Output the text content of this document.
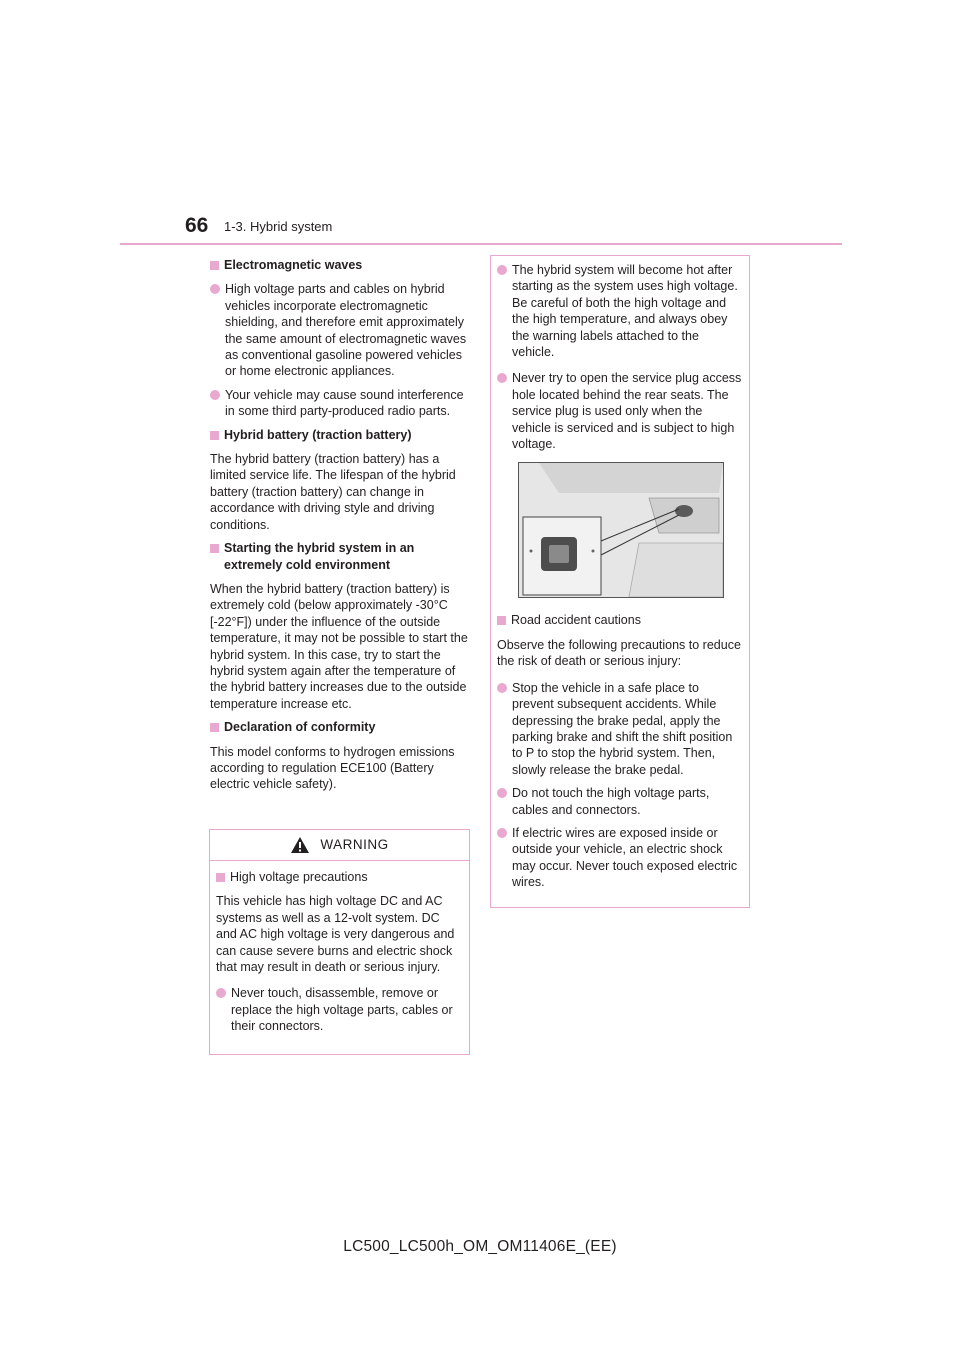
66 1-3. Hybrid system
Electromagnetic waves
High voltage parts and cables on hybrid vehicles incorporate electromagnetic shielding, and therefore emit approximately the same amount of electromagnetic waves as conventional gasoline powered vehicles or home electronic appliances.
Your vehicle may cause sound interference in some third party-produced radio parts.
Hybrid battery (traction battery)
The hybrid battery (traction battery) has a limited service life. The lifespan of the hybrid battery (traction battery) can change in accordance with driving style and driving conditions.
Starting the hybrid system in an extremely cold environment
When the hybrid battery (traction battery) is extremely cold (below approximately -30°C [-22°F]) under the influence of the outside temperature, it may not be possible to start the hybrid system. In this case, try to start the hybrid system again after the temperature of the hybrid battery increases due to the outside temperature increase etc.
Declaration of conformity
This model conforms to hydrogen emissions according to regulation ECE100 (Battery electric vehicle safety).
WARNING
High voltage precautions
This vehicle has high voltage DC and AC systems as well as a 12-volt system. DC and AC high voltage is very dangerous and can cause severe burns and electric shock that may result in death or serious injury.
Never touch, disassemble, remove or replace the high voltage parts, cables or their connectors.
The hybrid system will become hot after starting as the system uses high voltage. Be careful of both the high voltage and the high temperature, and always obey the warning labels attached to the vehicle.
Never try to open the service plug access hole located behind the rear seats. The service plug is used only when the vehicle is serviced and is subject to high voltage.
Road accident cautions
Observe the following precautions to reduce the risk of death or serious injury:
Stop the vehicle in a safe place to prevent subsequent accidents. While depressing the brake pedal, apply the parking brake and shift the shift position to P to stop the hybrid system. Then, slowly release the brake pedal.
Do not touch the high voltage parts, cables and connectors.
If electric wires are exposed inside or outside your vehicle, an electric shock may occur. Never touch exposed electric wires.
LC500_LC500h_OM_OM11406E_(EE)
